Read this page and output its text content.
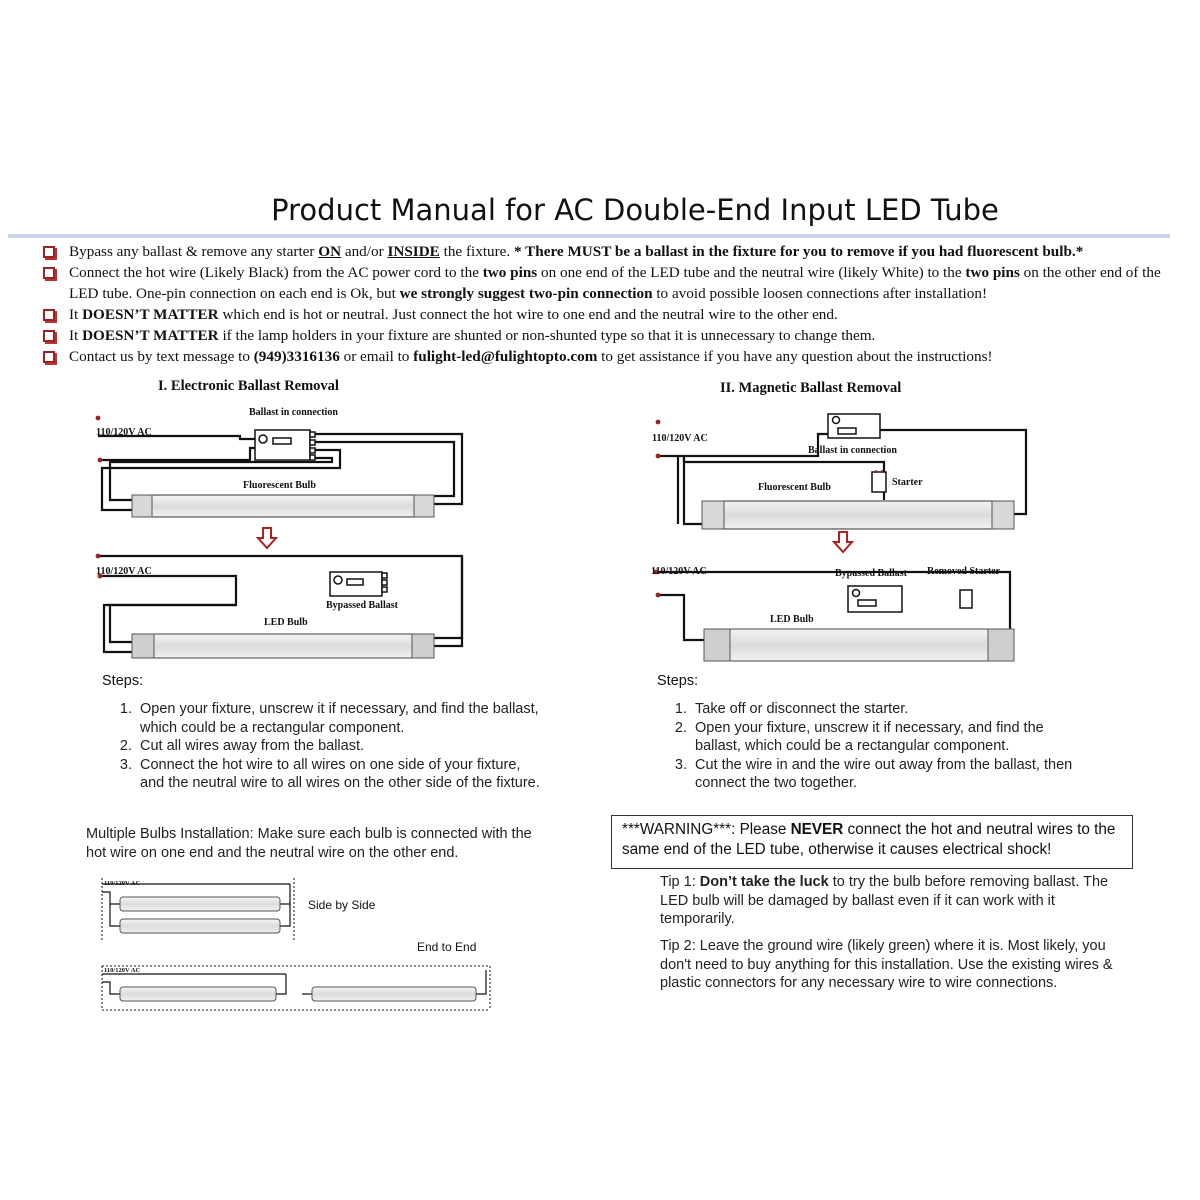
Product Manual for AC Double-End Input LED Tube
Bypass any ballast & remove any starter ON and/or INSIDE the fixture. * There MUST be a ballast in the fixture for you to remove if you had fluorescent bulb.*
Connect the hot wire (Likely Black) from the AC power cord to the two pins on one end of the LED tube and the neutral wire (likely White) to the two pins on the other end of the LED tube. One-pin connection on each end is Ok, but we strongly suggest two-pin connection to avoid possible loosen connections after installation!
It DOESN’T MATTER which end is hot or neutral. Just connect the hot wire to one end and the neutral wire to the other end.
It DOESN’T MATTER if the lamp holders in your fixture are shunted or non-shunted type so that it is unnecessary to change them.
Contact us by text message to (949)3316136 or email to fulight-led@fulightopto.com to get assistance if you have any question about the instructions!
I. Electronic Ballast Removal	II. Magnetic Ballast Removal
110/120V AC
Ballast in connection
Fluorescent Bulb
110/120V AC
Bypassed Ballast
LED Bulb
110/120V AC
Ballast in connection
Starter
Fluorescent Bulb
110/120V AC	Bypassed Ballast Removed Starter
LED Bulb
Steps:
1. Open your fixture, unscrew it if necessary, and find the ballast, which could be a rectangular component.
2. Cut all wires away from the ballast.
3. Connect the hot wire to all wires on one side of your fixture, and the neutral wire to all wires on the other side of the fixture.
Steps:
1. Take off or disconnect the starter.
2. Open your fixture, unscrew it if necessary, and find the ballast, which could be a rectangular component.
3. Cut the wire in and the wire out away from the ballast, then connect the two together.
Multiple Bulbs Installation: Make sure each bulb is connected with the hot wire on one end and the neutral wire on the other end.
110/120V AC
Side by Side
End to End
110/120V AC
***WARNING***: Please NEVER connect the hot and neutral wires to the same end of the LED tube, otherwise it causes electrical shock!
Tip 1: Don’t take the luck to try the bulb before removing ballast. The LED bulb will be damaged by ballast even if it can work with it temporarily.
Tip 2: Leave the ground wire (likely green) where it is. Most likely, you don't need to buy anything for this installation. Use the existing wires & plastic connectors for any necessary wire to wire connections.
